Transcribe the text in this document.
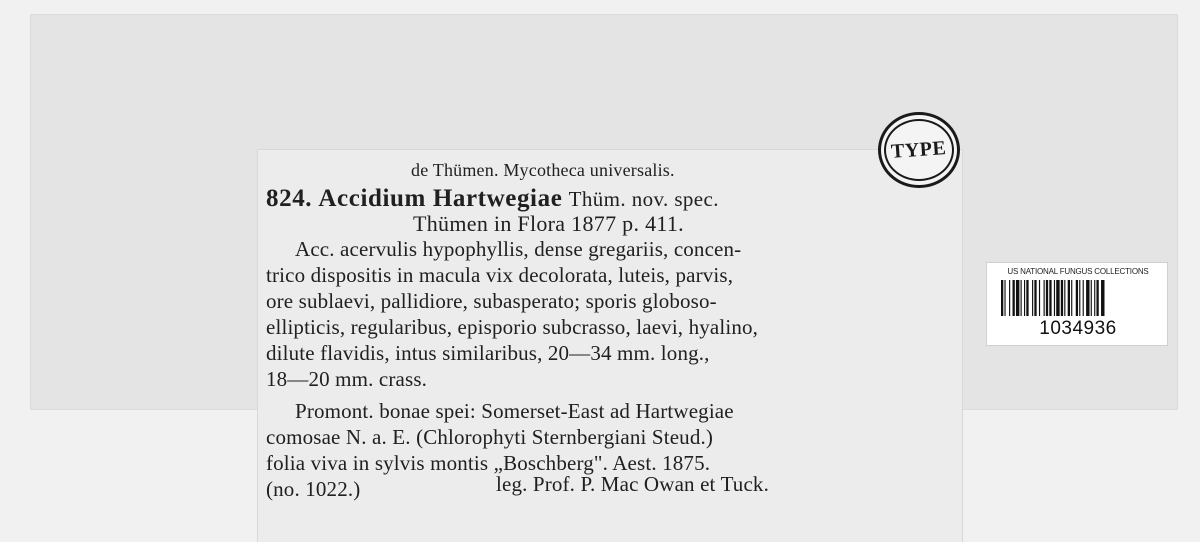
de Thümen. Mycotheca universalis.
824. Accidium Hartwegiae Thüm. nov. spec.
Thümen in Flora 1877 p. 411.
Acc. acervulis hypophyllis, dense gregariis, concen-
trico dispositis in macula vix decolorata, luteis, parvis,
ore sublaevi, pallidiore, subasperato; sporis globoso-
ellipticis, regularibus, episporio subcrasso, laevi, hyalino,
dilute flavidis, intus similaribus, 20—34 mm. long.,
18—20 mm. crass.
Promont. bonae spei: Somerset-East ad Hartwegiae
comosae N. a. E. (Chlorophyti Sternbergiani Steud.)
folia viva in sylvis montis „Boschberg". Aest. 1875.
(no. 1022.)	leg. Prof. P. Mac Owan et Tuck.
TYPE
US NATIONAL FUNGUS COLLECTIONS
1034936
